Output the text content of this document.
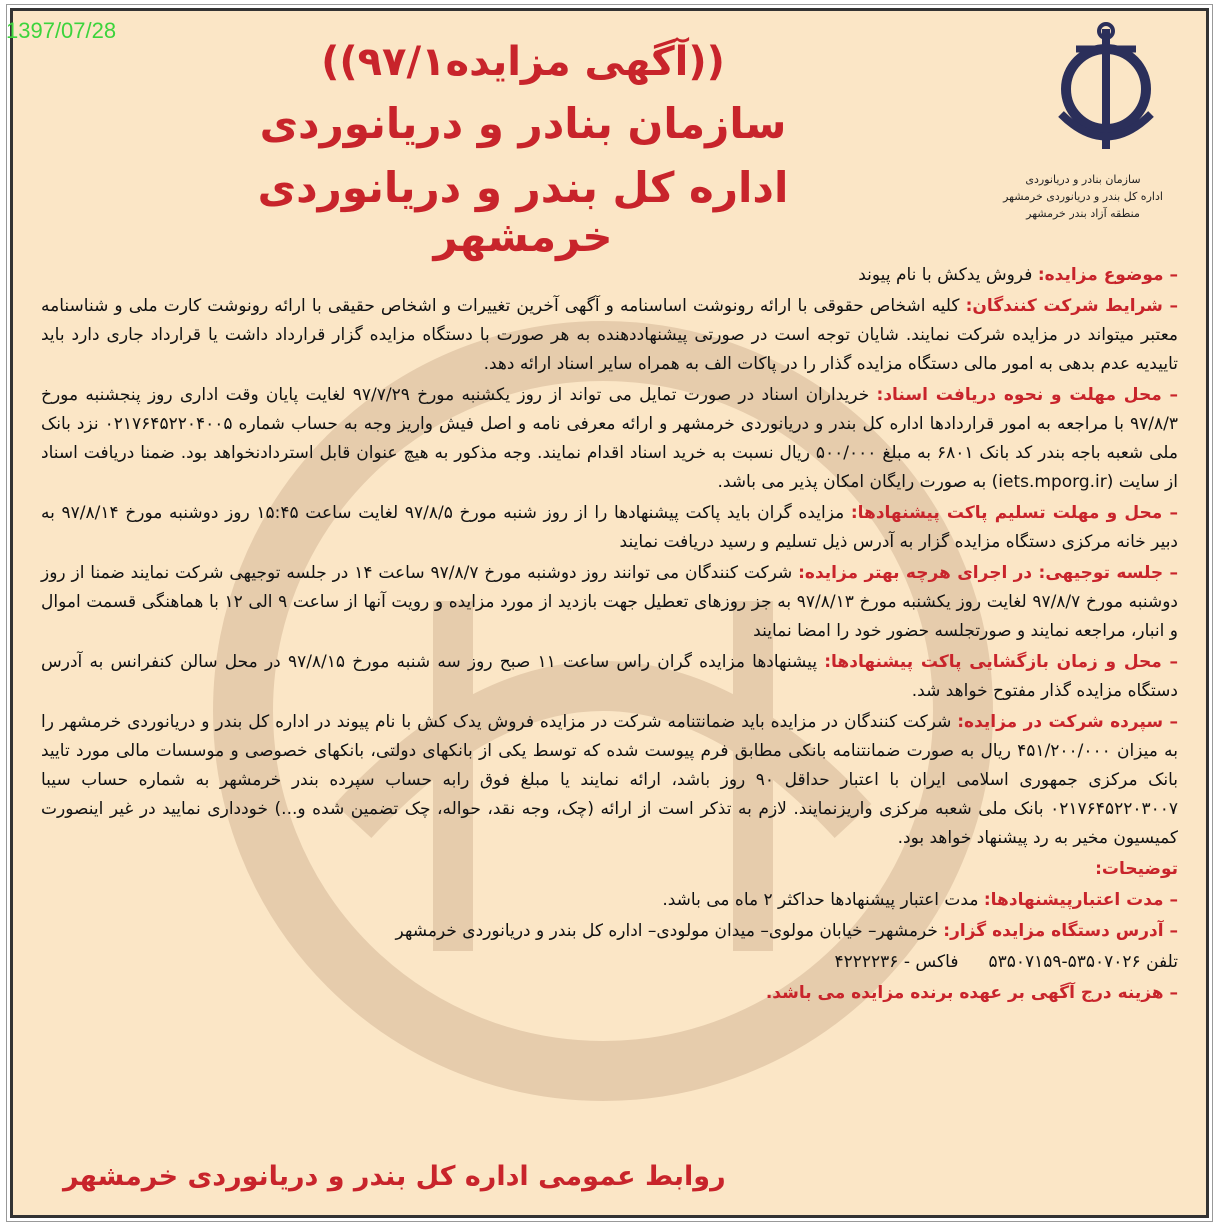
1397/07/28
((آگهی مزایده۹۷/۱))
سازمان بنادر و دریانوردی
اداره کل بندر و دریانوردی خرمشهر
سازمان بنادر و دریانوردی
اداره کل بندر و دریانوردی خرمشهر
منطقه آزاد بندر خرمشهر

– موضوع مزایده: فروش یدکش با نام پیوند

– شرایط شرکت کنندگان: کلیه اشخاص حقوقی با ارائه رونوشت اساسنامه و آگهی آخرین تغییرات و اشخاص حقیقی با ارائه رونوشت کارت ملی و شناسنامه معتبر میتواند در مزایده شرکت نمایند. شایان توجه است در صورتی پیشنهاددهنده به هر صورت با دستگاه مزایده گزار قرارداد داشت یا قرارداد جاری دارد باید تاییدیه عدم بدهی به امور مالی دستگاه مزایده گذار را در پاکات الف به همراه سایر اسناد ارائه دهد.

– محل مهلت و نحوه دریافت اسناد: خریداران اسناد در صورت تمایل می تواند از روز یکشنبه مورخ ۹۷/۷/۲۹ لغایت پایان وقت اداری روز پنجشنبه مورخ ۹۷/۸/۳ با مراجعه به امور قراردادها اداره کل بندر و دریانوردی خرمشهر و ارائه معرفی نامه و اصل فیش واریز وجه به حساب شماره ۰۲۱۷۶۴۵۲۲۰۴۰۰۵ نزد بانک ملی شعبه باجه بندر کد بانک ۶۸۰۱ به مبلغ ۵۰۰/۰۰۰ ریال نسبت به خرید اسناد اقدام نمایند. وجه مذکور به هیچ عنوان قابل استردادنخواهد بود. ضمنا دریافت اسناد از سایت (iets.mporg.ir) به صورت رایگان امکان پذیر می باشد.

– محل و مهلت تسلیم پاکت پیشنهادها: مزایده گران باید پاکت پیشنهادها را از روز شنبه مورخ ۹۷/۸/۵ لغایت ساعت ۱۵:۴۵ روز دوشنبه مورخ ۹۷/۸/۱۴ به دبیر خانه مرکزی دستگاه مزایده گزار به آدرس ذیل تسلیم و رسید دریافت نمایند

– جلسه توجیهی: در اجرای هرچه بهتر مزایده: شرکت کنندگان می توانند روز دوشنبه مورخ ۹۷/۸/۷ ساعت ۱۴ در جلسه توجیهی شرکت نمایند ضمنا از روز دوشنبه مورخ ۹۷/۸/۷ لغایت روز یکشنبه مورخ ۹۷/۸/۱۳ به جز روزهای تعطیل جهت بازدید از مورد مزایده و رویت آنها از ساعت ۹ الی ۱۲ با هماهنگی قسمت اموال و انبار، مراجعه نمایند و صورتجلسه حضور خود را امضا نمایند

– محل و زمان بازگشایی پاکت پیشنهادها: پیشنهادها مزایده گران راس ساعت ۱۱ صبح روز سه شنبه مورخ ۹۷/۸/۱۵ در محل سالن کنفرانس به آدرس دستگاه مزایده گذار مفتوح خواهد شد.

– سپرده شرکت در مزایده: شرکت کنندگان در مزایده باید ضمانتنامه شرکت در مزایده فروش یدک کش با نام پیوند در اداره کل بندر و دریانوردی خرمشهر را به میزان ۴۵۱/۲۰۰/۰۰۰ ریال به صورت ضمانتنامه بانکی مطابق فرم پیوست شده که توسط یکی از بانکهای دولتی، بانکهای خصوصی و موسسات مالی مورد تایید بانک مرکزی جمهوری اسلامی ایران با اعتبار حداقل ۹۰ روز باشد، ارائه نمایند یا مبلغ فوق رابه حساب سپرده بندر خرمشهر به شماره حساب سیبا ۰۲۱۷۶۴۵۲۲۰۳۰۰۷ بانک ملی شعبه مرکزی واریزنمایند. لازم به تذکر است از ارائه (چک، وجه نقد، حواله، چک تضمین شده و...) خودداری نمایید در غیر اینصورت کمیسیون مخیر به رد پیشنهاد خواهد بود.

توضیحات:

– مدت اعتبارپیشنهادها: مدت اعتبار پیشنهادها حداکثر ۲ ماه می باشد.

– آدرس دستگاه مزایده گزار: خرمشهر– خیابان مولوی– میدان مولودی– اداره کل بندر و دریانوردی خرمشهر

تلفن ۵۳۵۰۷۰۲۶-۵۳۵۰۷۱۵۹
فاکس - ۴۲۲۲۲۳۶

– هزینه درج آگهی بر عهده برنده مزایده می باشد.

روابط عمومی اداره کل بندر و دریانوردی خرمشهر
